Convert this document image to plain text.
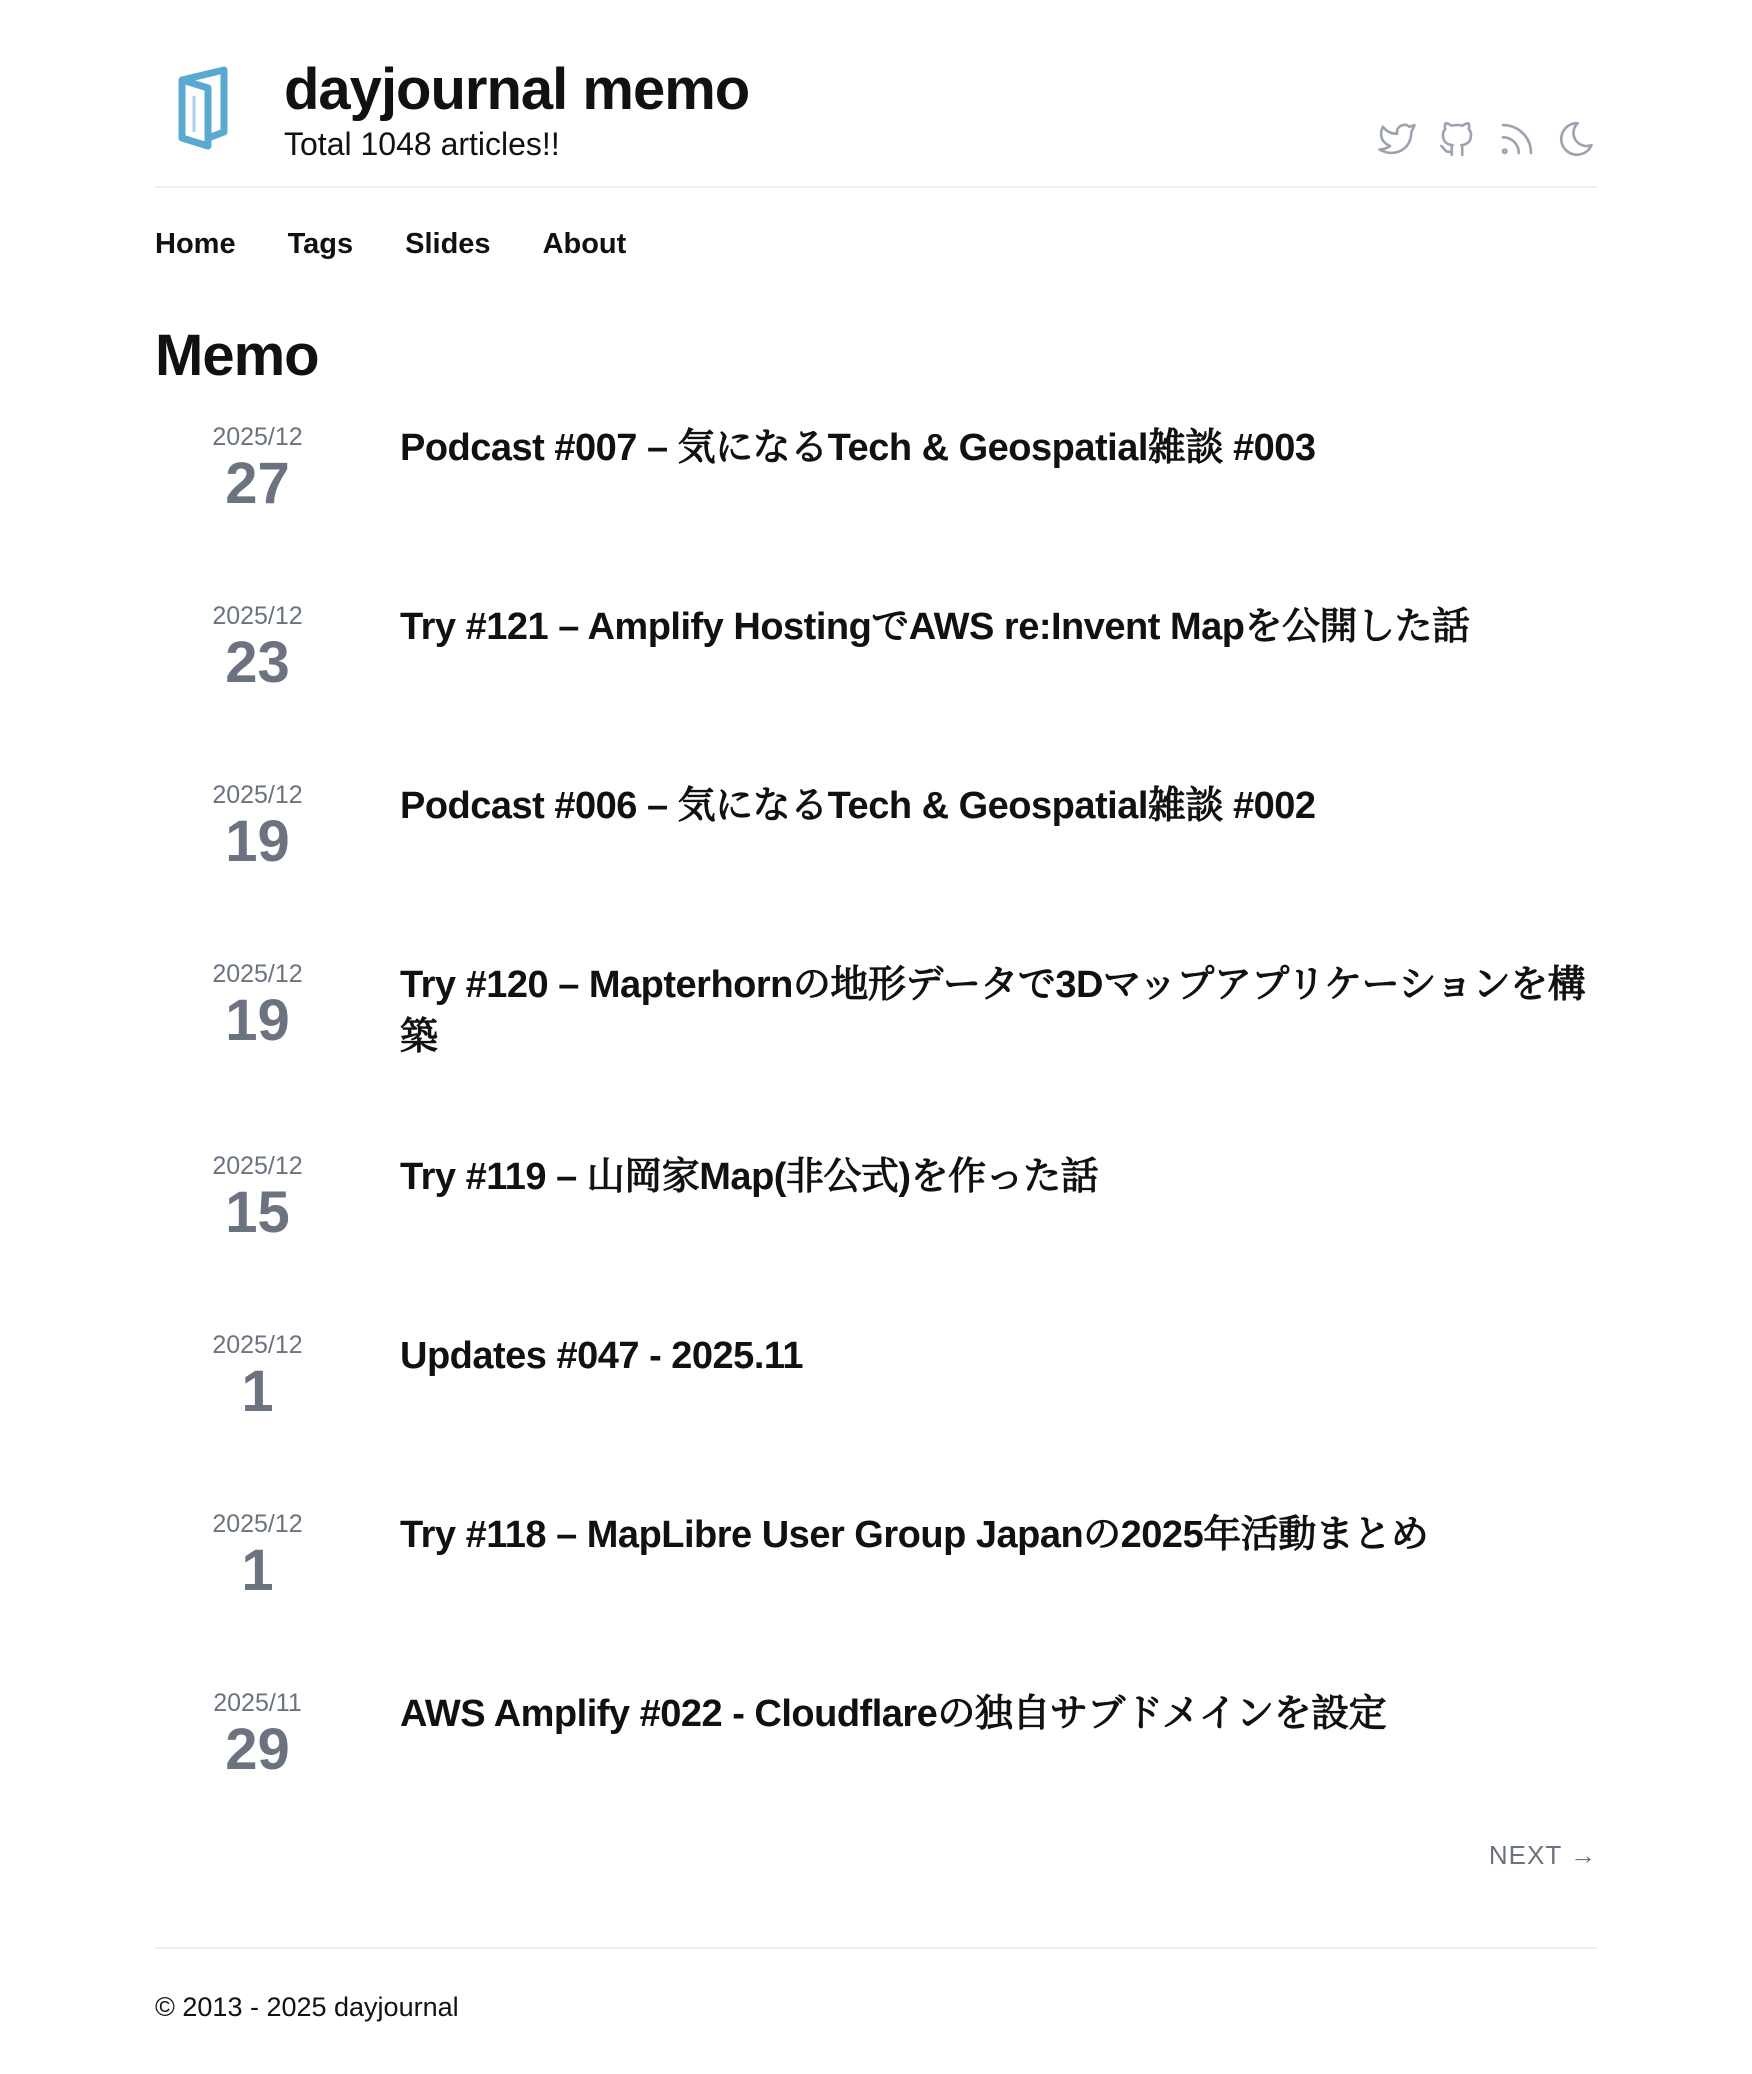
dayjournal memo
Total 1048 articles!!
Home Tags Slides About
Memo
2025/12
27
Podcast #007 – 気になるTech & Geospatial雑談 #003
2025/12
23
Try #121 – Amplify HostingでAWS re:Invent Mapを公開した話
2025/12
19
Podcast #006 – 気になるTech & Geospatial雑談 #002
2025/12
19
Try #120 – Mapterhornの地形データで3Dマップアプリケーションを構築
2025/12
15
Try #119 – 山岡家Map(非公式)を作った話
2025/12
1
Updates #047 - 2025.11
2025/12
1
Try #118 – MapLibre User Group Japanの2025年活動まとめ
2025/11
29
AWS Amplify #022 - Cloudflareの独自サブドメインを設定
NEXT →
© 2013 - 2025 dayjournal
